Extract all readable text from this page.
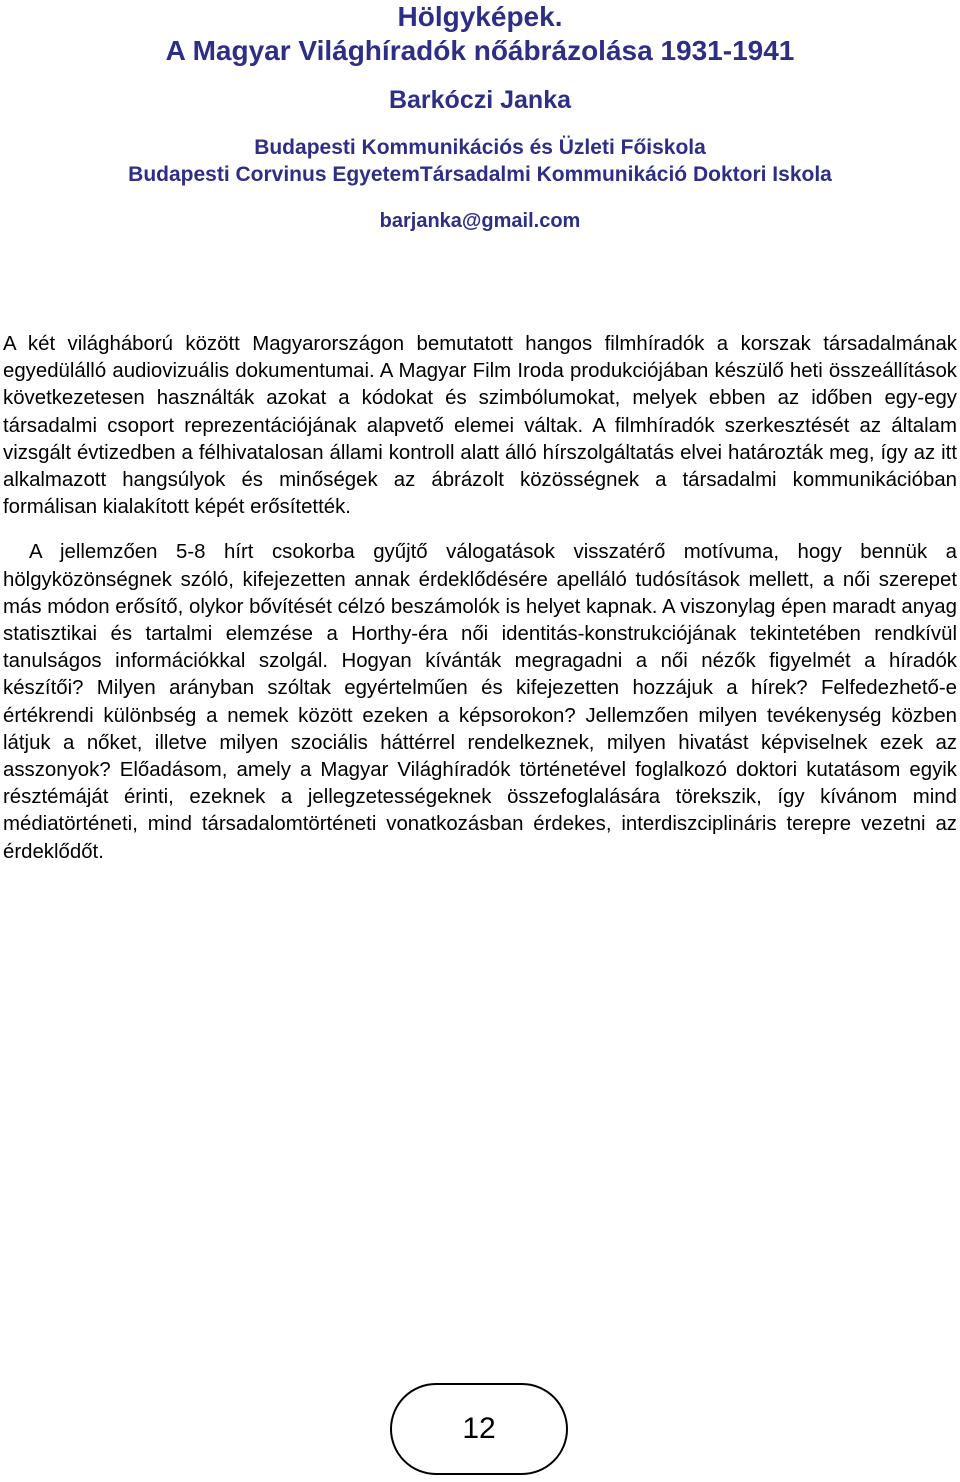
Hölgyképek.
A Magyar Világhíradók nőábrázolása 1931-1941
Barkóczi Janka
Budapesti Kommunikációs és Üzleti Főiskola
Budapesti Corvinus EgyetemTársadalmi Kommunikáció Doktori Iskola
barjanka@gmail.com

A két világháború között Magyarországon bemutatott hangos filmhíradók a korszak társadalmának egyedülálló audiovizuális dokumentumai. A Magyar Film Iroda produkciójában készülő heti összeállítások következetesen használták azokat a kódokat és szimbólumokat, melyek ebben az időben egy-egy társadalmi csoport reprezentációjának alapvető elemei váltak. A filmhíradók szerkesztését az általam vizsgált évtizedben a félhivatalosan állami kontroll alatt álló hírszolgáltatás elvei határozták meg, így az itt alkalmazott hangsúlyok és minőségek az ábrázolt közösségnek a társadalmi kommunikációban formálisan kialakított képét erősítették.

A jellemzően 5-8 hírt csokorba gyűjtő válogatások visszatérő motívuma, hogy bennük a hölgyközönségnek szóló, kifejezetten annak érdeklődésére apelláló tudósítások mellett, a női szerepet más módon erősítő, olykor bővítését célzó beszámolók is helyet kapnak. A viszonylag épen maradt anyag statisztikai és tartalmi elemzése a Horthy-éra női identitás-konstrukciójának tekintetében rendkívül tanulságos információkkal szolgál. Hogyan kívánták megragadni a női nézők figyelmét a híradók készítői? Milyen arányban szóltak egyértelműen és kifejezetten hozzájuk a hírek? Felfedezhető-e értékrendi különbség a nemek között ezeken a képsorokon? Jellemzően milyen tevékenység közben látjuk a nőket, illetve milyen szociális háttérrel rendelkeznek, milyen hivatást képviselnek ezek az asszonyok? Előadásom, amely a Magyar Világhíradók történetével foglalkozó doktori kutatásom egyik résztémáját érinti, ezeknek a jellegzetességeknek összefoglalására törekszik, így kívánom mind médiatörténeti, mind társadalomtörténeti vonatkozásban érdekes, interdiszciplináris terepre vezetni az érdeklődőt.

12
